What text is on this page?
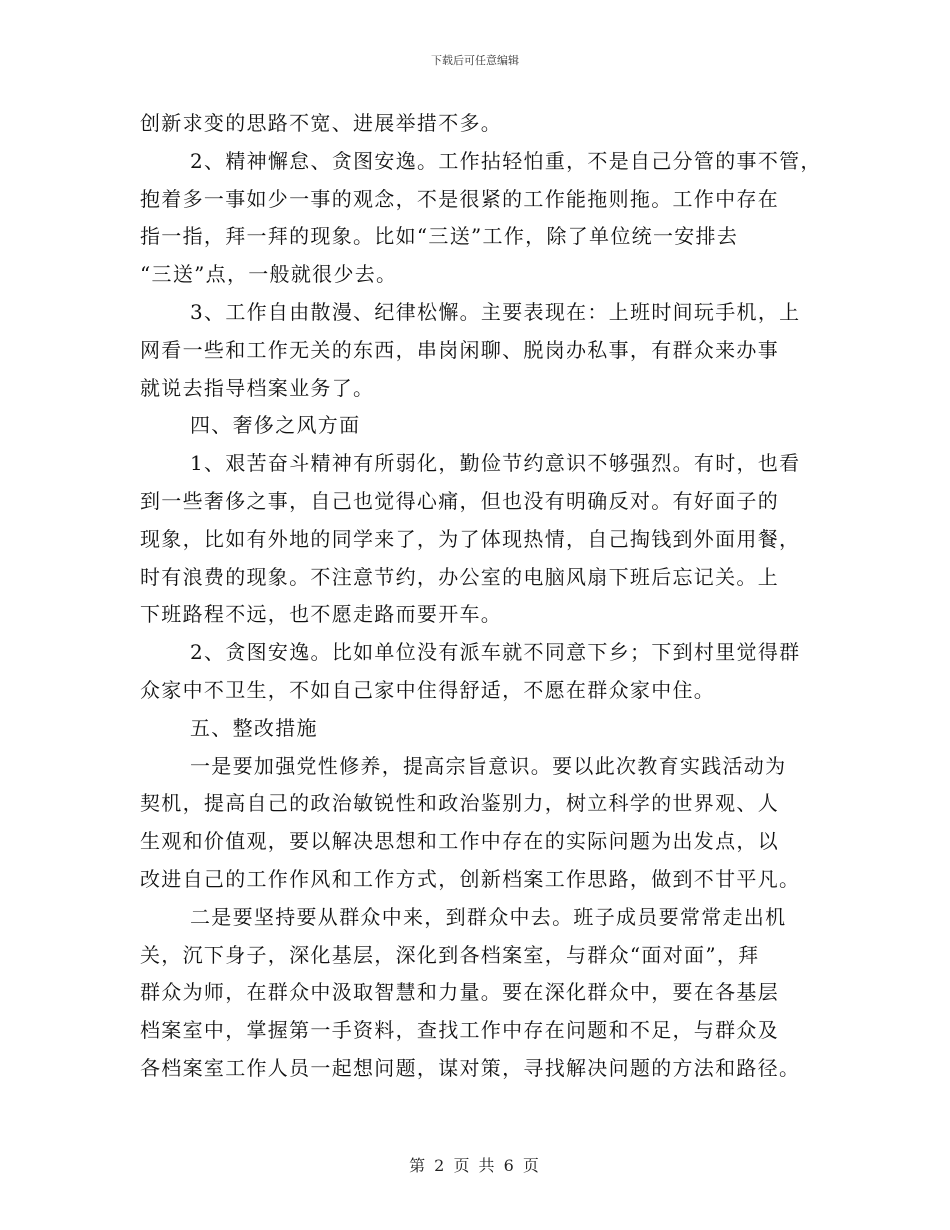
下载后可任意编辑
创新求变的思路不宽、进展举措不多。
2、精神懈怠、贪图安逸。工作拈轻怕重，不是自己分管的事不管，
抱着多一事如少一事的观念，不是很紧的工作能拖则拖。工作中存在
指一指，拜一拜的现象。比如“三送”工作，除了单位统一安排去
“三送”点，一般就很少去。
3、工作自由散漫、纪律松懈。主要表现在：上班时间玩手机，上
网看一些和工作无关的东西，串岗闲聊、脱岗办私事，有群众来办事
就说去指导档案业务了。
四、奢侈之风方面
1、艰苦奋斗精神有所弱化，勤俭节约意识不够强烈。有时，也看
到一些奢侈之事，自己也觉得心痛，但也没有明确反对。有好面子的
现象，比如有外地的同学来了，为了体现热情，自己掏钱到外面用餐，
时有浪费的现象。不注意节约，办公室的电脑风扇下班后忘记关。上
下班路程不远，也不愿走路而要开车。
2、贪图安逸。比如单位没有派车就不同意下乡；下到村里觉得群
众家中不卫生，不如自己家中住得舒适，不愿在群众家中住。
五、整改措施
一是要加强党性修养，提高宗旨意识。要以此次教育实践活动为
契机，提高自己的政治敏锐性和政治鉴别力，树立科学的世界观、人
生观和价值观，要以解决思想和工作中存在的实际问题为出发点，以
改进自己的工作作风和工作方式，创新档案工作思路，做到不甘平凡。
二是要坚持要从群众中来，到群众中去。班子成员要常常走出机
关，沉下身子，深化基层，深化到各档案室，与群众“面对面”，拜
群众为师，在群众中汲取智慧和力量。要在深化群众中，要在各基层
档案室中，掌握第一手资料，查找工作中存在问题和不足，与群众及
各档案室工作人员一起想问题，谋对策，寻找解决问题的方法和路径。
第 2 页 共 6 页
